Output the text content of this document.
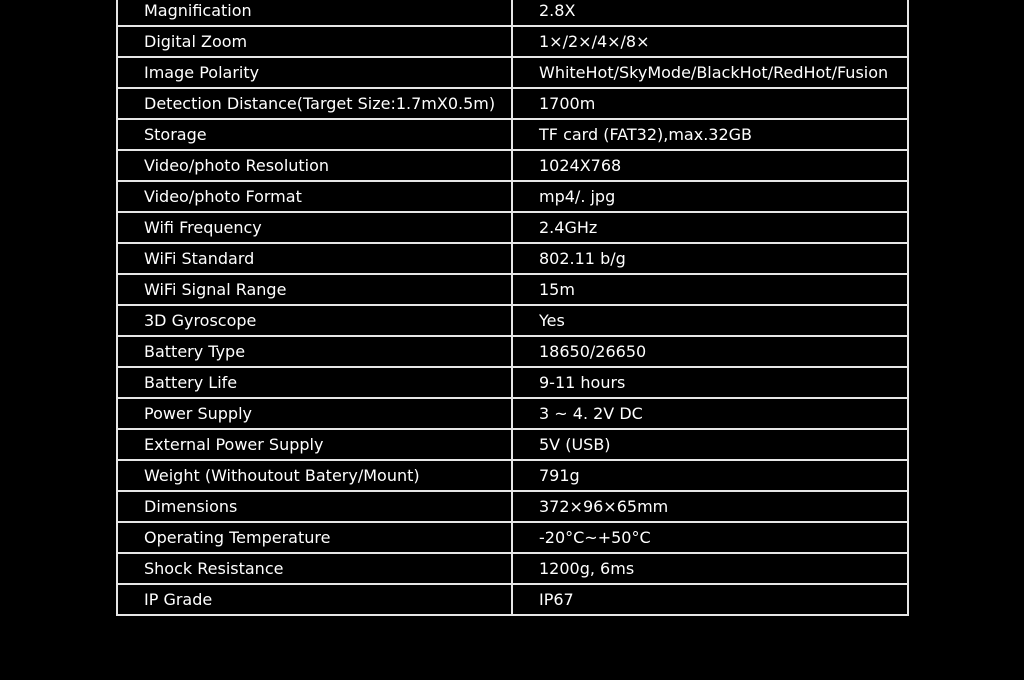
Magnification	2.8X
Digital Zoom	1×/2×/4×/8×
Image Polarity	WhiteHot/SkyMode/BlackHot/RedHot/Fusion
Detection Distance(Target Size:1.7mX0.5m)	1700m
Storage	TF card (FAT32),max.32GB
Video/photo Resolution	1024X768
Video/photo Format	mp4/. jpg
Wifi Frequency	2.4GHz
WiFi Standard	802.11 b/g
WiFi Signal Range	15m
3D Gyroscope	Yes
Battery Type	18650/26650
Battery Life	9-11 hours
Power Supply	3 ~ 4. 2V DC
External Power Supply	5V (USB)
Weight (Withoutout Batery/Mount)	791g
Dimensions	372×96×65mm
Operating Temperature	-20°C~+50°C
Shock Resistance	1200g, 6ms
IP Grade	IP67
